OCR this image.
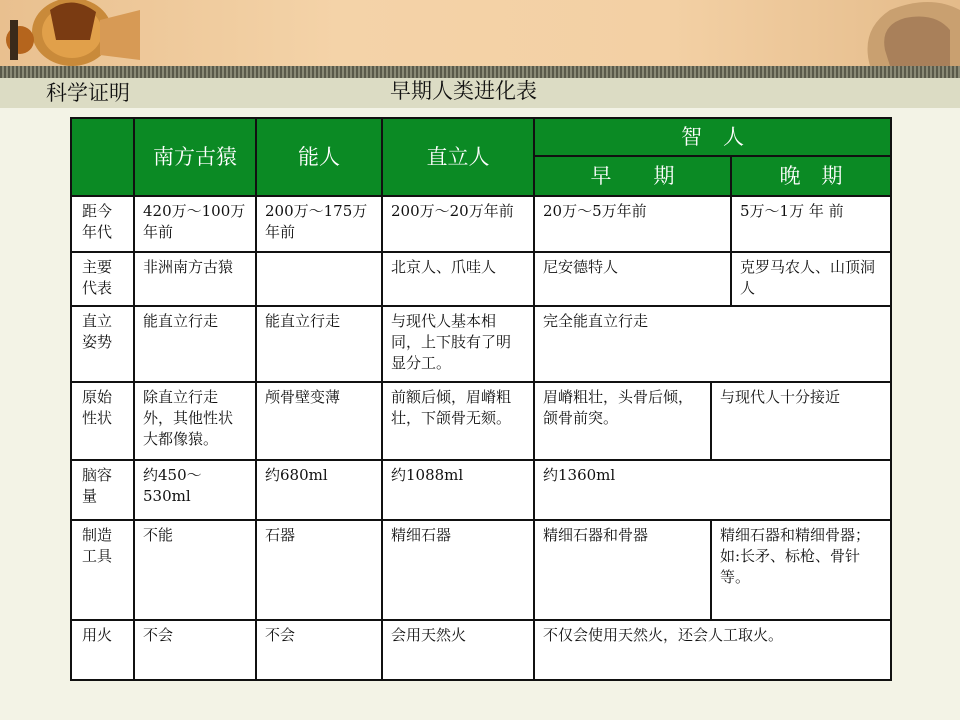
科学证明	早期人类进化表
	南方古猿	能人	直立人	智　人		
				早　　期		晚　期
距今年代	420万～100万年前	200万～175万年前	200万～20万年前	20万～5万年前		5万～1万 年 前
主要代表	非洲南方古猿		北京人、爪哇人	尼安德特人		克罗马农人、山顶洞人
直立姿势	能直立行走	能直立行走	与现代人基本相同，上下肢有了明显分工。	完全能直立行走		
原始性状	除直立行走外，其他性状大都像猿。	颅骨壁变薄	前额后倾，眉嵴粗壮，下颌骨无颏。	眉嵴粗壮，头骨后倾，颌骨前突。	与现代人十分接近	
脑容量	约450～530ml	约680ml	约1088ml	约1360ml		
制造工具	不能	石器	精细石器	精细石器和骨器	精细石器和精细骨器；如:长矛、标枪、骨针等。	
用火	不会	不会	会用天然火	不仅会使用天然火，还会人工取火。		
